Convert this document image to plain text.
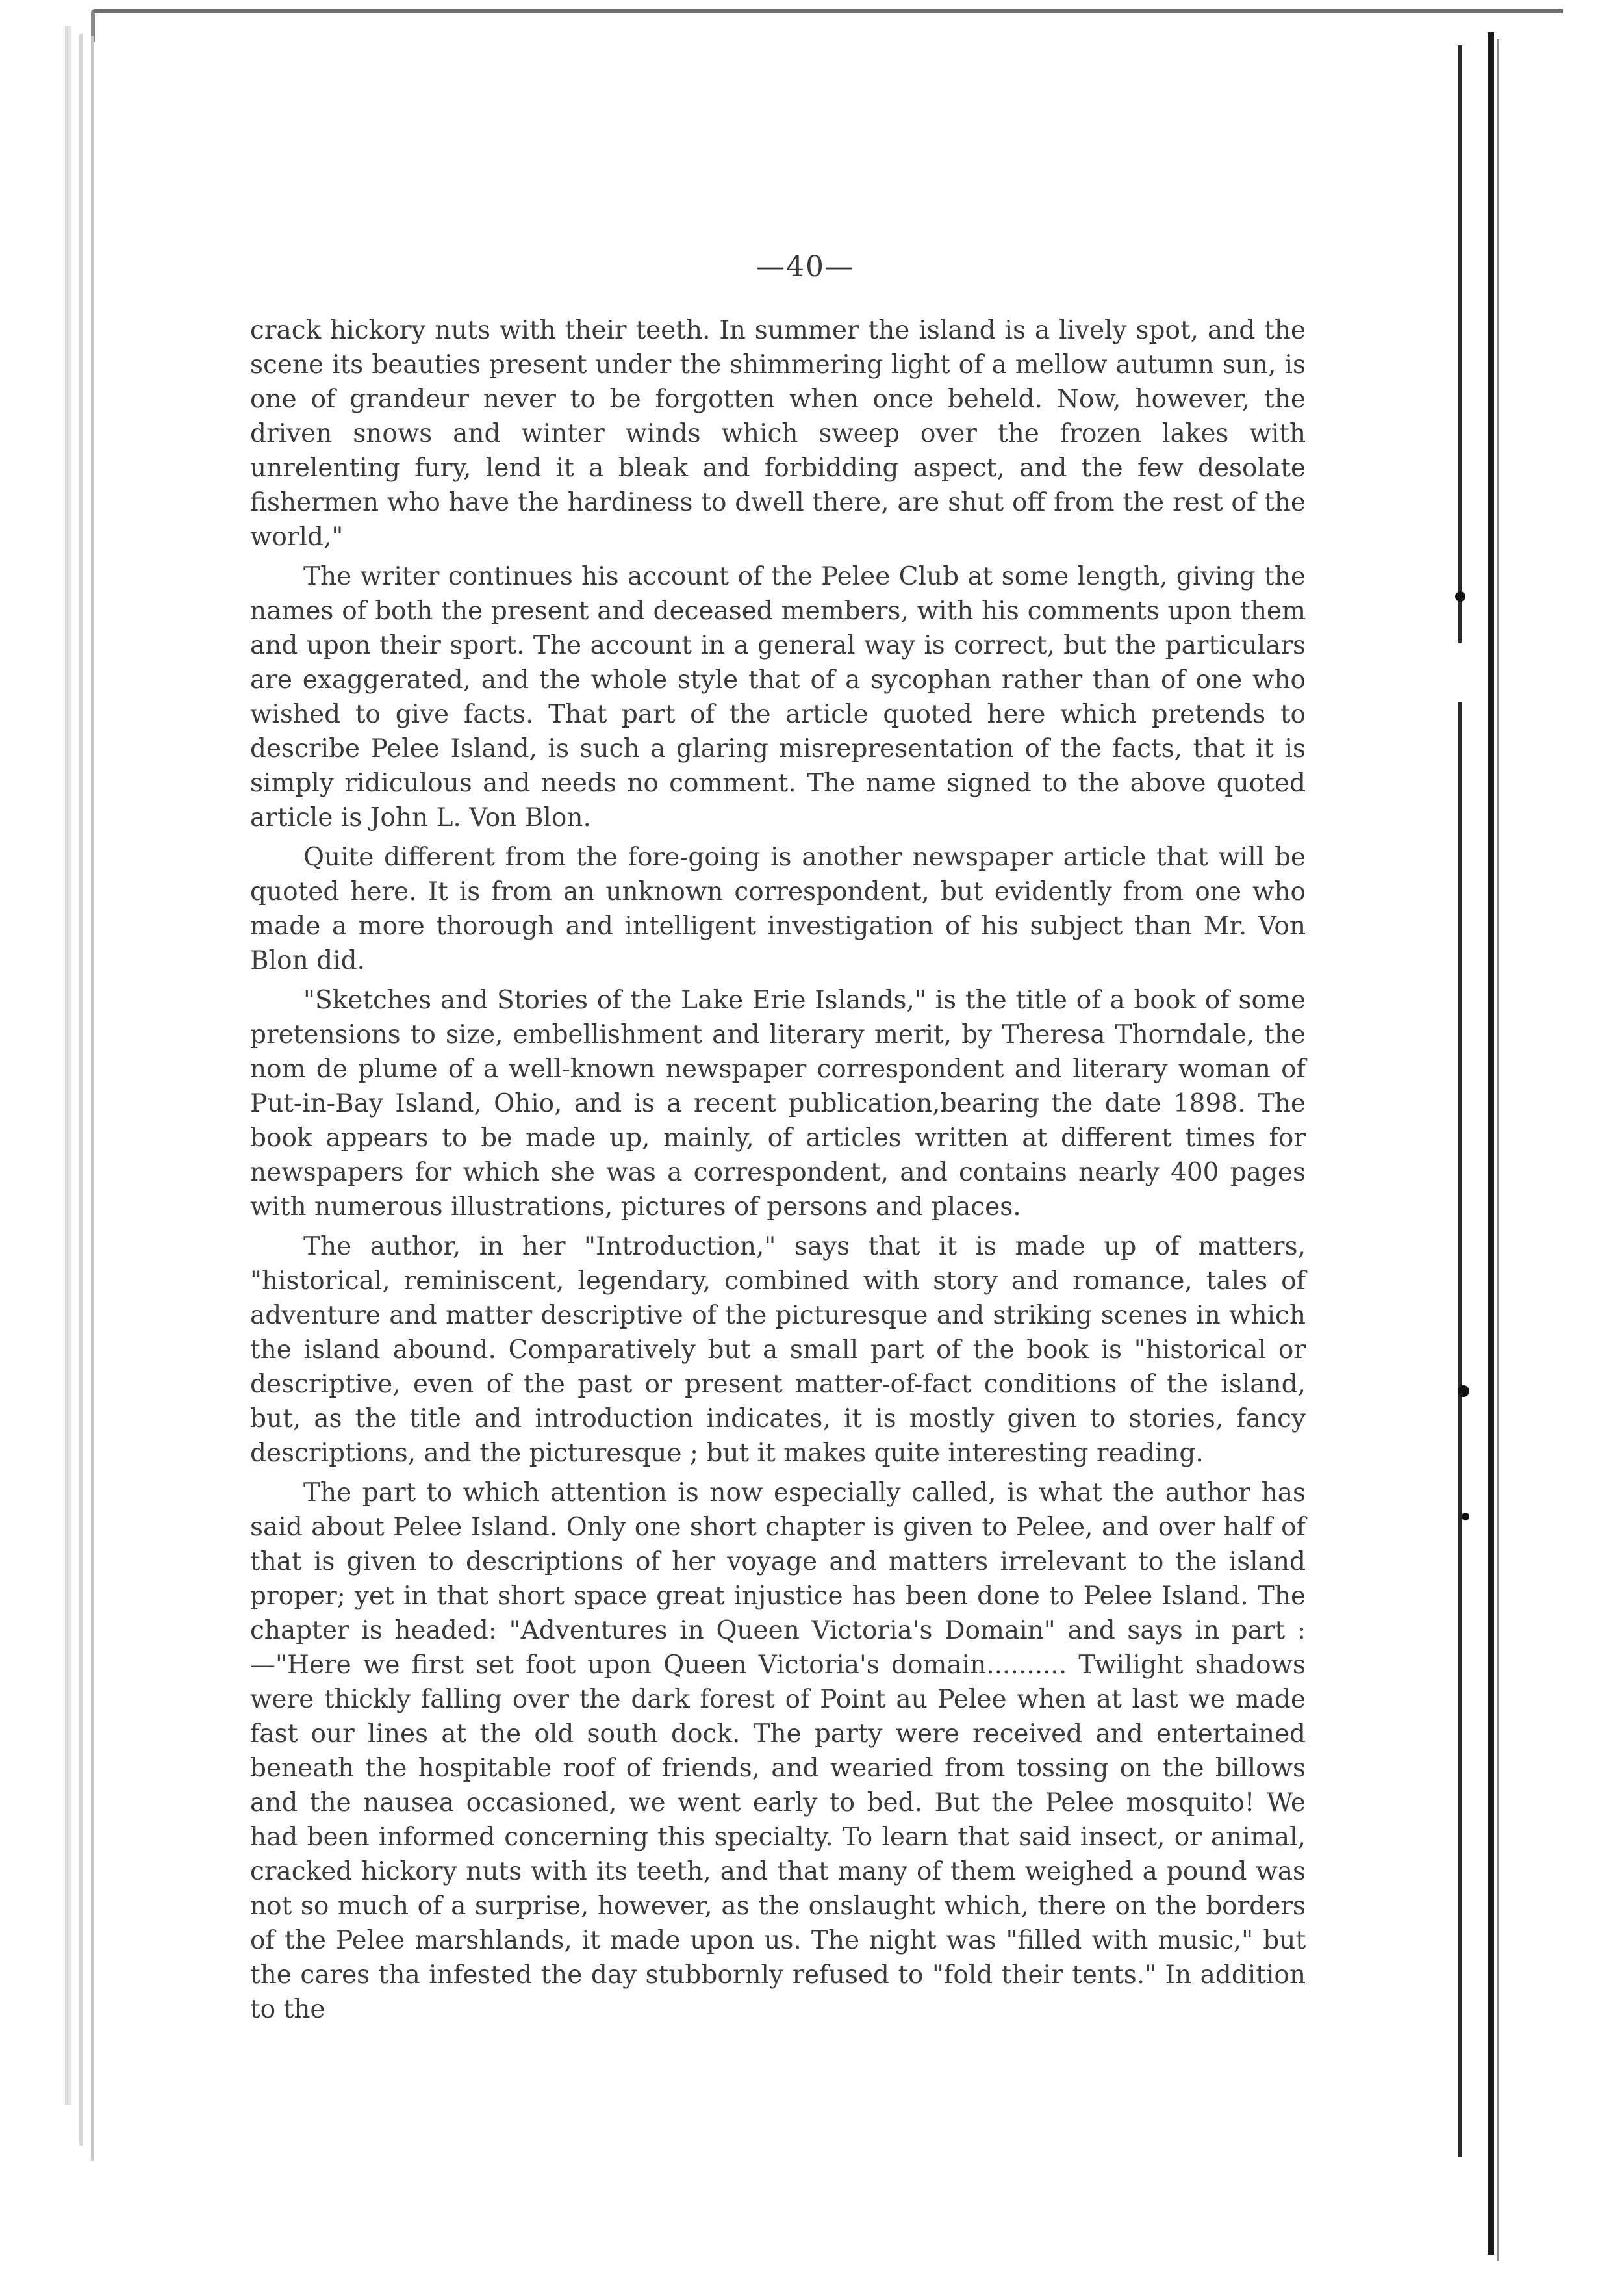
—40—

crack hickory nuts with their teeth. In summer the island is a lively spot, and the scene its beauties present under the shimmering light of a mellow autumn sun, is one of grandeur never to be forgotten when once beheld. Now, however, the driven snows and winter winds which sweep over the frozen lakes with unrelenting fury, lend it a bleak and forbidding aspect, and the few desolate fishermen who have the hardiness to dwell there, are shut off from the rest of the world,"

The writer continues his account of the Pelee Club at some length, giving the names of both the present and deceased members, with his comments upon them and upon their sport. The account in a general way is correct, but the particulars are exaggerated, and the whole style that of a sycophan rather than of one who wished to give facts. That part of the article quoted here which pretends to describe Pelee Island, is such a glaring misrepresentation of the facts, that it is simply ridiculous and needs no comment. The name signed to the above quoted article is John L. Von Blon.

Quite different from the fore-going is another newspaper article that will be quoted here. It is from an unknown correspondent, but evidently from one who made a more thorough and intelligent investigation of his subject than Mr. Von Blon did.

"Sketches and Stories of the Lake Erie Islands," is the title of a book of some pretensions to size, embellishment and literary merit, by Theresa Thorndale, the nom de plume of a well-known newspaper correspondent and literary woman of Put-in-Bay Island, Ohio, and is a recent publication,bearing the date 1898. The book appears to be made up, mainly, of articles written at different times for newspapers for which she was a correspondent, and contains nearly 400 pages with numerous illustrations, pictures of persons and places.

The author, in her "Introduction," says that it is made up of matters, "historical, reminiscent, legendary, combined with story and romance, tales of adventure and matter descriptive of the picturesque and striking scenes in which the island abound. Comparatively but a small part of the book is "historical or descriptive, even of the past or present matter-of-fact conditions of the island, but, as the title and introduction indicates, it is mostly given to stories, fancy descriptions, and the picturesque ; but it makes quite interesting reading.

The part to which attention is now especially called, is what the author has said about Pelee Island. Only one short chapter is given to Pelee, and over half of that is given to descriptions of her voyage and matters irrelevant to the island proper; yet in that short space great injustice has been done to Pelee Island. The chapter is headed: "Adventures in Queen Victoria's Domain" and says in part :—"Here we first set foot upon Queen Victoria's domain.......... Twilight shadows were thickly falling over the dark forest of Point au Pelee when at last we made fast our lines at the old south dock. The party were received and entertained beneath the hospitable roof of friends, and wearied from tossing on the billows and the nausea occasioned, we went early to bed. But the Pelee mosquito! We had been informed concerning this specialty. To learn that said insect, or animal, cracked hickory nuts with its teeth, and that many of them weighed a pound was not so much of a surprise, however, as the onslaught which, there on the borders of the Pelee marshlands, it made upon us. The night was "filled with music," but the cares tha infested the day stubbornly refused to "fold their tents." In addition to the
